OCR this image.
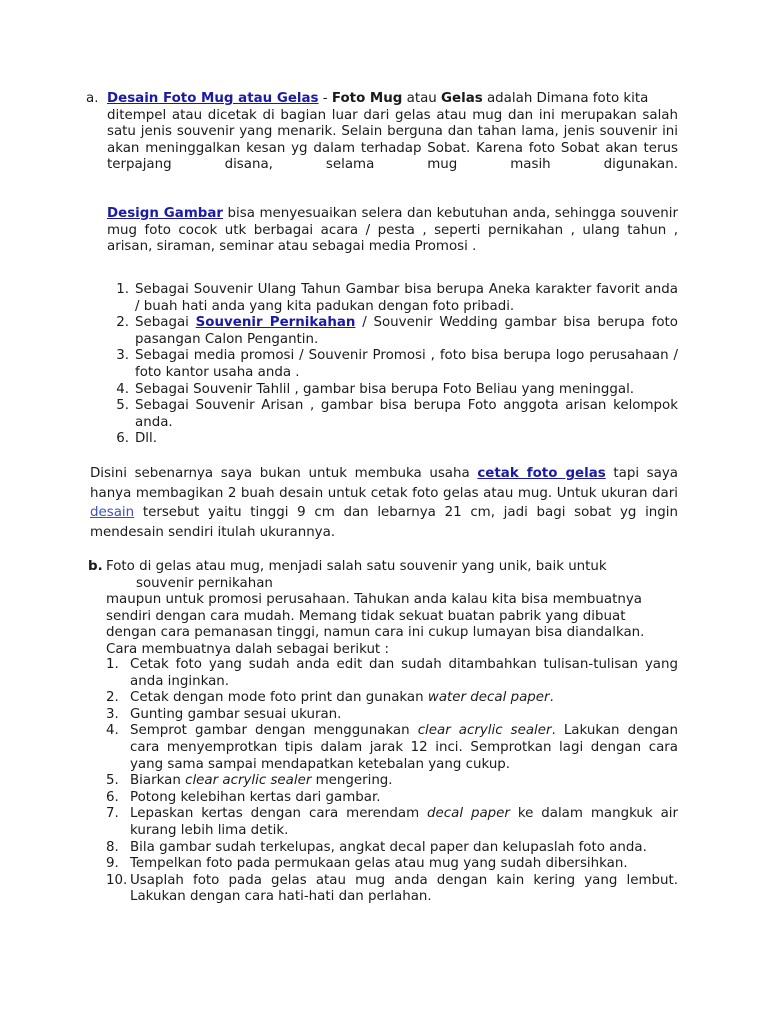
a. Desain Foto Mug atau Gelas - Foto Mug atau Gelas adalah Dimana foto kita

ditempel atau dicetak di bagian luar dari gelas atau mug dan ini merupakan salah satu jenis souvenir yang menarik. Selain berguna dan tahan lama, jenis souvenir ini akan meninggalkan kesan yg dalam terhadap Sobat. Karena foto Sobat akan terus terpajang disana, selama mug masih digunakan.
Design Gambar bisa menyesuaikan selera dan kebutuhan anda, sehingga souvenir mug foto cocok utk berbagai acara / pesta , seperti pernikahan , ulang tahun , arisan, siraman, seminar atau sebagai media Promosi .
1. Sebagai Souvenir Ulang Tahun Gambar bisa berupa Aneka karakter favorit anda / buah hati anda yang kita padukan dengan foto pribadi.
2. Sebagai Souvenir Pernikahan / Souvenir Wedding gambar bisa berupa foto pasangan Calon Pengantin.
3. Sebagai media promosi / Souvenir Promosi , foto bisa berupa logo perusahaan / foto kantor usaha anda .
4. Sebagai Souvenir Tahlil , gambar bisa berupa Foto Beliau yang meninggal.
5. Sebagai Souvenir Arisan , gambar bisa berupa Foto anggota arisan kelompok anda.
6. Dll.
Disini sebenarnya saya bukan untuk membuka usaha cetak foto gelas tapi saya hanya membagikan 2 buah desain untuk cetak foto gelas atau mug. Untuk ukuran dari desain tersebut yaitu tinggi 9 cm dan lebarnya 21 cm, jadi bagi sobat yg ingin mendesain sendiri itulah ukurannya.
b. Foto di gelas atau mug, menjadi salah satu souvenir yang unik, baik untuk
souvenir pernikahan
maupun untuk promosi perusahaan. Tahukan anda kalau kita bisa membuatnya sendiri dengan cara mudah. Memang tidak sekuat buatan pabrik yang dibuat dengan cara pemanasan tinggi, namun cara ini cukup lumayan bisa diandalkan.
Cara membuatnya dalah sebagai berikut :
1. Cetak foto yang sudah anda edit dan sudah ditambahkan tulisan-tulisan yang anda inginkan.
2. Cetak dengan mode foto print dan gunakan water decal paper.
3. Gunting gambar sesuai ukuran.
4. Semprot gambar dengan menggunakan clear acrylic sealer. Lakukan dengan cara menyemprotkan tipis dalam jarak 12 inci. Semprotkan lagi dengan cara yang sama sampai mendapatkan ketebalan yang cukup.
5. Biarkan clear acrylic sealer mengering.
6. Potong kelebihan kertas dari gambar.
7. Lepaskan kertas dengan cara merendam decal paper ke dalam mangkuk air kurang lebih lima detik.
8. Bila gambar sudah terkelupas, angkat decal paper dan kelupaslah foto anda.
9. Tempelkan foto pada permukaan gelas atau mug yang sudah dibersihkan.
10. Usaplah foto pada gelas atau mug anda dengan kain kering yang lembut. Lakukan dengan cara hati-hati dan perlahan.
